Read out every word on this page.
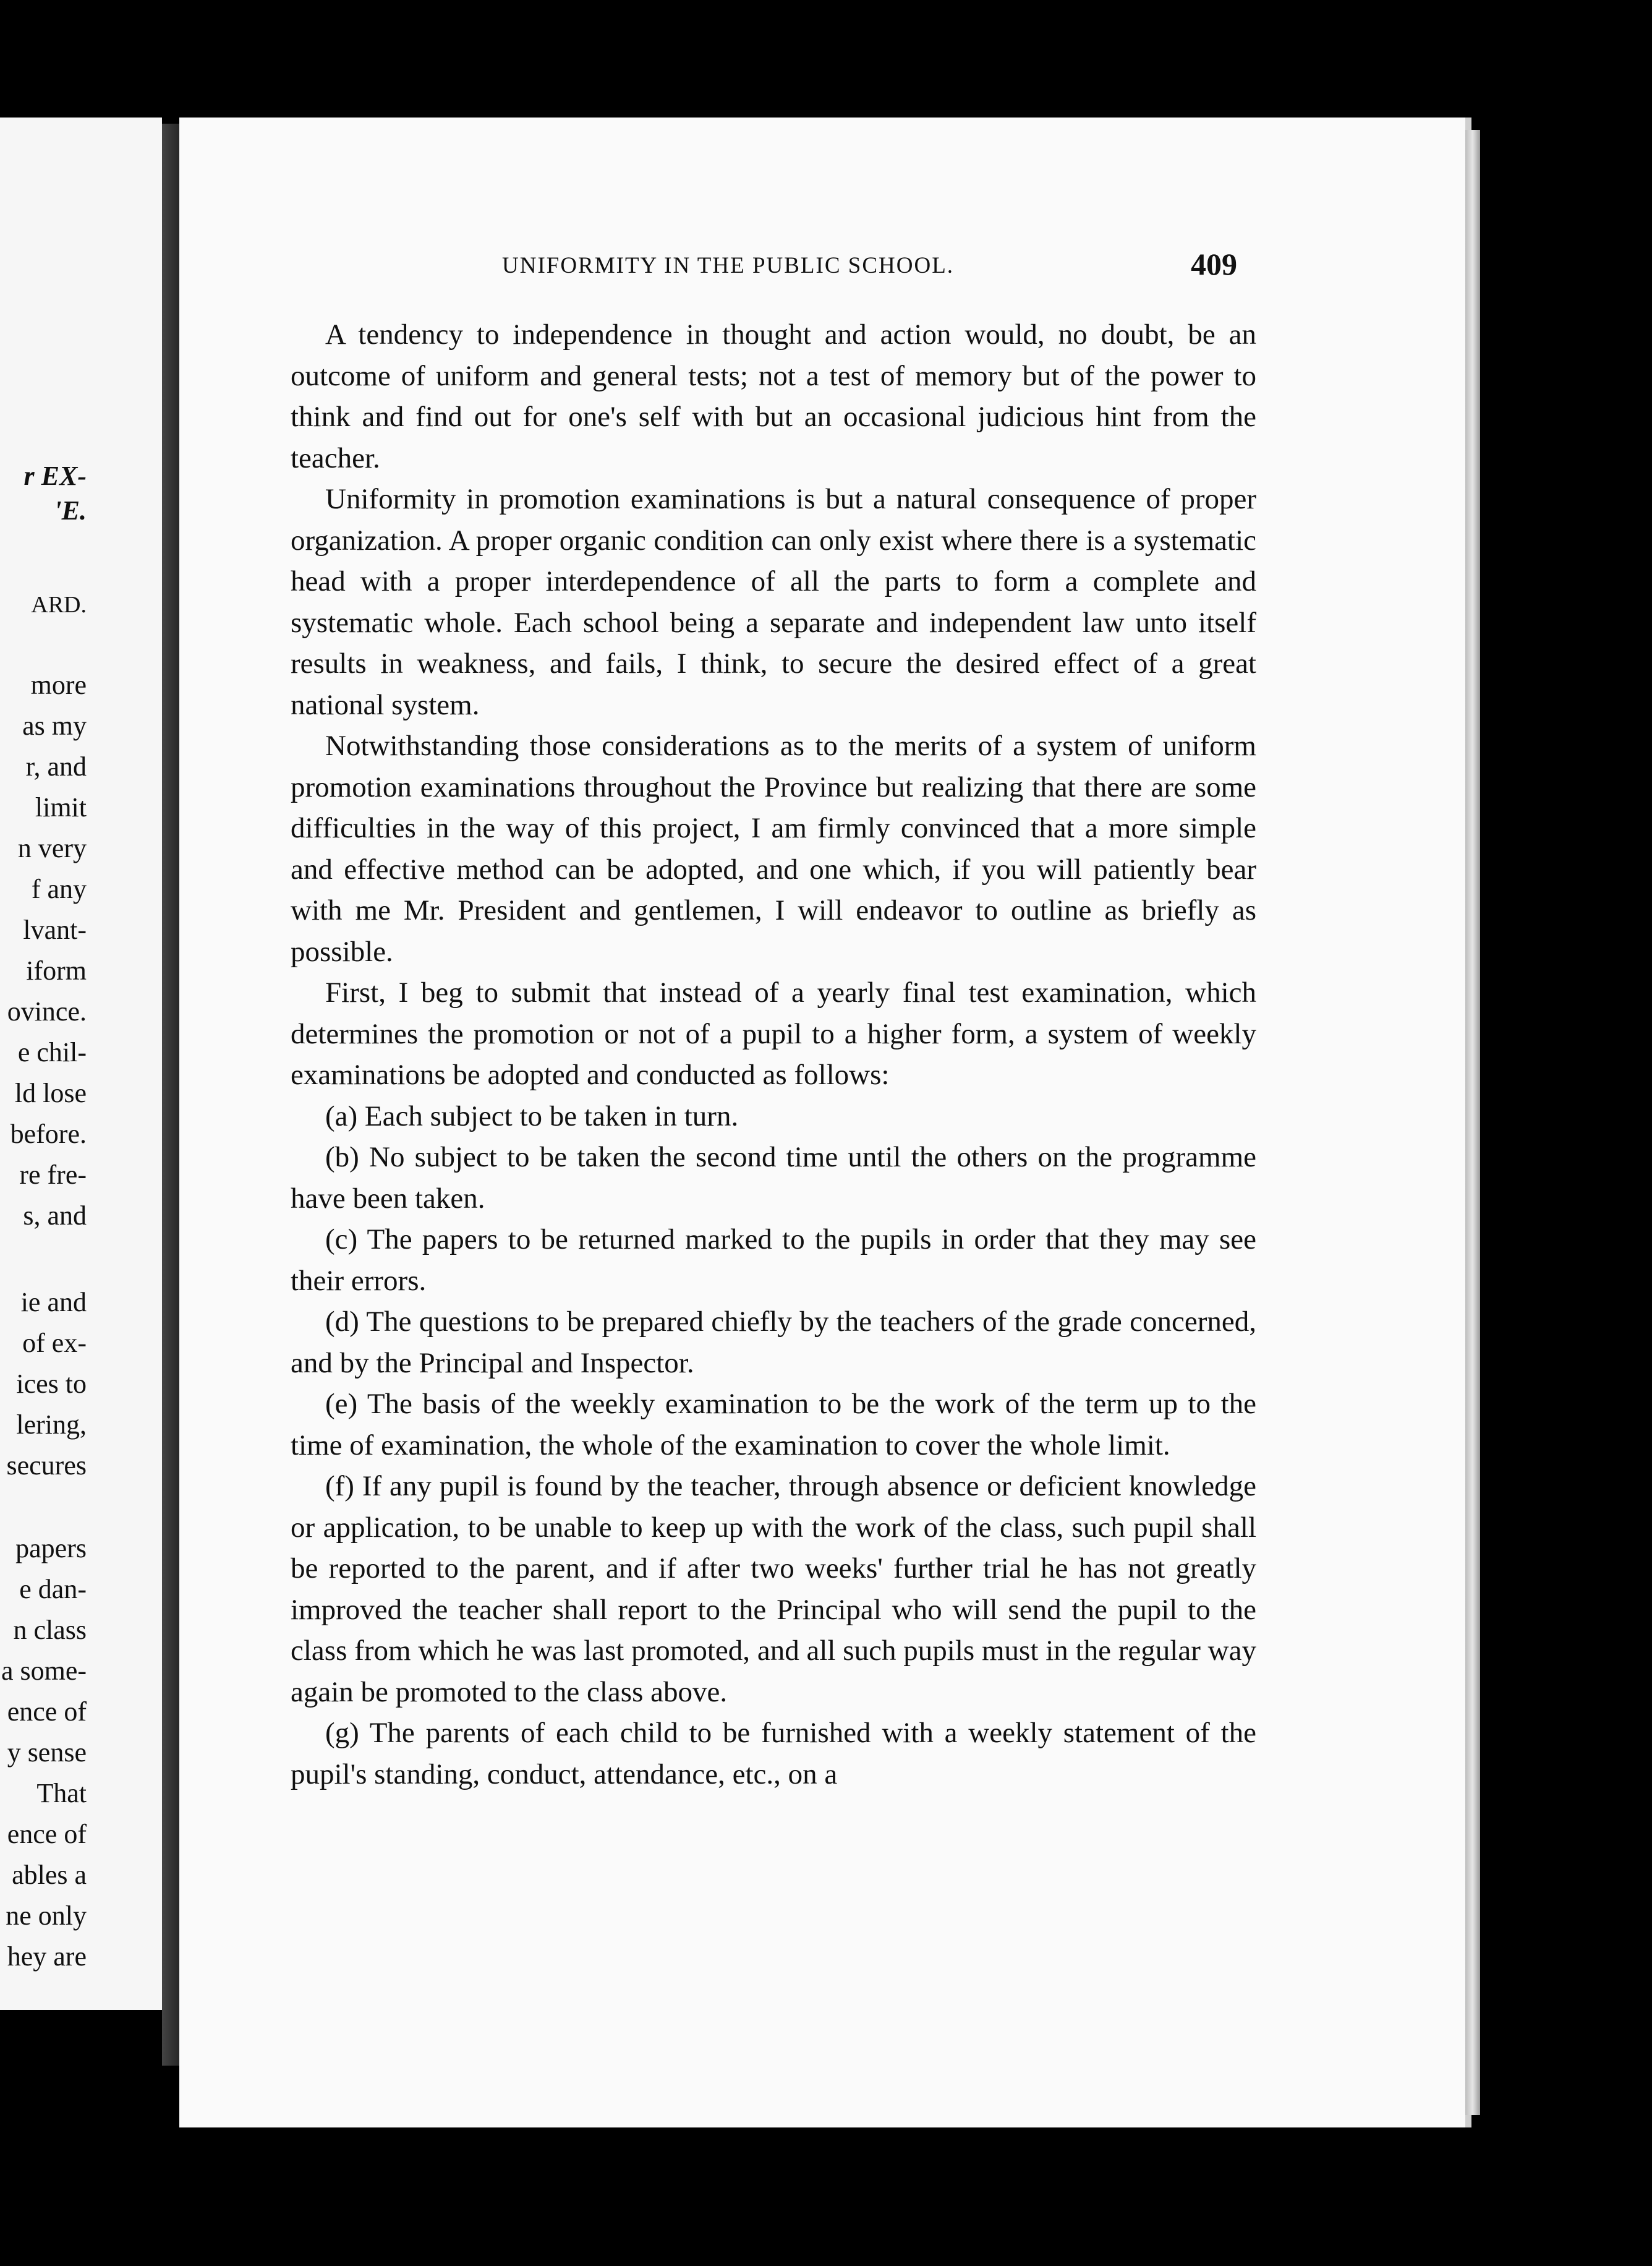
r EX-
'E.
ARD.
more
as my
r, and
limit
n very
f any
lvant-
iform
ovince.
e chil-
ld lose
before.
re fre-
s, and
ie and
of ex-
ices to
lering,
secures
papers
e dan-
n class
a some-
ence of
y sense
That
ence of
ables a
ne only
hey are
UNIFORMITY IN THE PUBLIC SCHOOL.	409

A tendency to independence in thought and action would, no doubt, be an outcome of uniform and general tests; not a test of memory but of the power to think and find out for one's self with but an occasional judicious hint from the teacher.

Uniformity in promotion examinations is but a natural consequence of proper organization. A proper organic condition can only exist where there is a systematic head with a proper interdependence of all the parts to form a complete and systematic whole. Each school being a separate and independent law unto itself results in weakness, and fails, I think, to secure the desired effect of a great national system.

Notwithstanding those considerations as to the merits of a system of uniform promotion examinations throughout the Province but realizing that there are some difficulties in the way of this project, I am firmly convinced that a more simple and effective method can be adopted, and one which, if you will patiently bear with me Mr. President and gentlemen, I will endeavor to outline as briefly as possible.

First, I beg to submit that instead of a yearly final test examination, which determines the promotion or not of a pupil to a higher form, a system of weekly examinations be adopted and conducted as follows:

(a) Each subject to be taken in turn.

(b) No subject to be taken the second time until the others on the programme have been taken.

(c) The papers to be returned marked to the pupils in order that they may see their errors.

(d) The questions to be prepared chiefly by the teachers of the grade concerned, and by the Principal and Inspector.

(e) The basis of the weekly examination to be the work of the term up to the time of examination, the whole of the examination to cover the whole limit.

(f) If any pupil is found by the teacher, through absence or deficient knowledge or application, to be unable to keep up with the work of the class, such pupil shall be reported to the parent, and if after two weeks' further trial he has not greatly improved the teacher shall report to the Principal who will send the pupil to the class from which he was last promoted, and all such pupils must in the regular way again be promoted to the class above.

(g) The parents of each child to be furnished with a weekly statement of the pupil's standing, conduct, attendance, etc., on a
